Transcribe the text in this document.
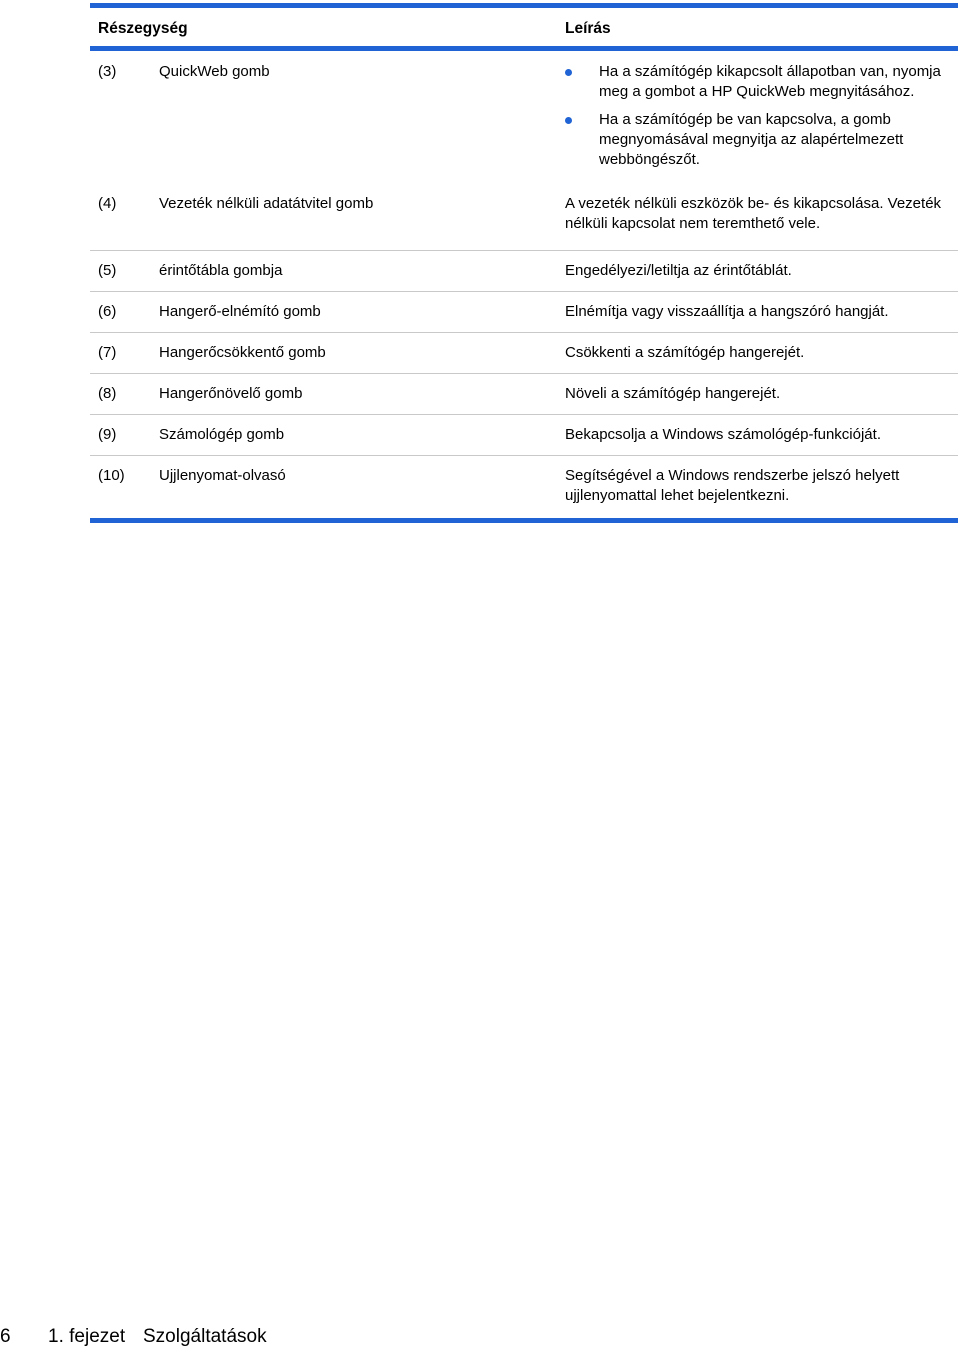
Részegység	Leírás
(3)	QuickWeb gomb	Ha a számítógép kikapcsolt állapotban van, nyomja meg a gombot a HP QuickWeb megnyitásához.
Ha a számítógép be van kapcsolva, a gomb megnyomásával megnyitja az alapértelmezett webböngészőt.
(4)	Vezeték nélküli adatátvitel gomb	A vezeték nélküli eszközök be- és kikapcsolása. Vezeték nélküli kapcsolat nem teremthető vele.
(5)	érintőtábla gombja	Engedélyezi/letiltja az érintőtáblát.
(6)	Hangerő-elnémító gomb	Elnémítja vagy visszaállítja a hangszóró hangját.
(7)	Hangerőcsökkentő gomb	Csökkenti a számítógép hangerejét.
(8)	Hangerőnövelő gomb	Növeli a számítógép hangerejét.
(9)	Számológép gomb	Bekapcsolja a Windows számológép-funkcióját.
(10)	Ujjlenyomat-olvasó	Segítségével a Windows rendszerbe jelszó helyett ujjlenyomattal lehet bejelentkezni.
6 1. fejezet Szolgáltatások
